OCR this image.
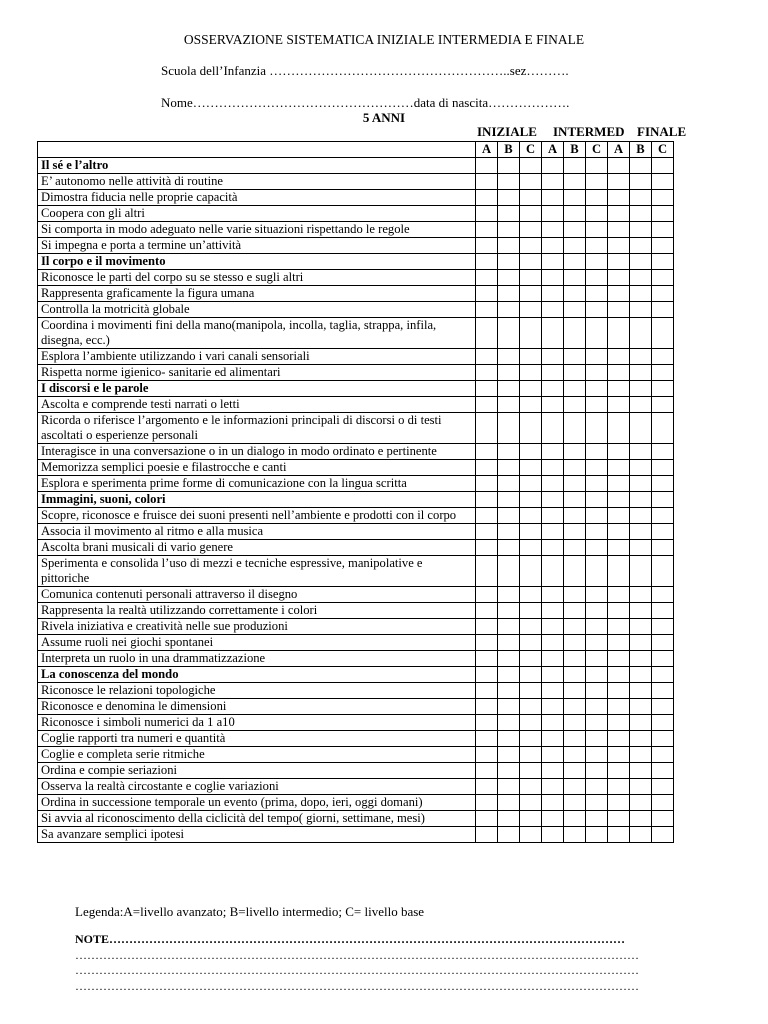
OSSERVAZIONE SISTEMATICA INIZIALE INTERMEDIA E FINALE
Scuola dell’Infanzia ………………………………………………..sez……….
Nome……………………………………………data di nascita……………….
5 ANNI
INIZIALE INTERMED FINALE
	A	B	C	A	B	C	A	B	C
Il sé e l’altro									
E’ autonomo nelle attività di routine									
Dimostra fiducia nelle proprie capacità									
Coopera con gli altri									
Si comporta in modo adeguato nelle varie situazioni rispettando le regole									
Si impegna e porta a termine un’attività									
Il corpo e il movimento									
Riconosce le parti del corpo su se stesso e sugli altri									
Rappresenta graficamente la figura umana									
Controlla la motricità globale									
Coordina i movimenti fini della mano(manipola, incolla, taglia, strappa, infila, disegna, ecc.)									
Esplora l’ambiente utilizzando i vari canali sensoriali									
Rispetta norme igienico- sanitarie ed alimentari									
I discorsi e le parole									
Ascolta e comprende testi narrati o letti									
Ricorda o riferisce l’argomento e le informazioni principali di discorsi o di testi ascoltati o esperienze personali									
Interagisce in una conversazione o in un dialogo in modo ordinato e pertinente									
Memorizza semplici poesie e filastrocche e canti									
Esplora e sperimenta prime forme di comunicazione con la lingua scritta									
Immagini, suoni, colori									
Scopre, riconosce e fruisce dei suoni presenti nell’ambiente e prodotti con il corpo									
Associa il movimento al ritmo e alla musica									
Ascolta brani musicali di vario genere									
Sperimenta e consolida l’uso di mezzi e tecniche espressive, manipolative e pittoriche									
Comunica contenuti personali attraverso il disegno									
Rappresenta la realtà utilizzando correttamente i colori									
Rivela iniziativa e creatività nelle sue produzioni									
Assume ruoli nei giochi spontanei									
Interpreta un ruolo in una drammatizzazione									
La conoscenza del mondo									
Riconosce le relazioni topologiche									
Riconosce e denomina le dimensioni									
Riconosce i simboli numerici da 1 a10									
Coglie rapporti tra numeri e quantità									
Coglie e completa serie ritmiche									
Ordina e compie seriazioni									
Osserva la realtà circostante e coglie variazioni									
Ordina in successione temporale un evento (prima, dopo, ieri, oggi domani)									
Si avvia al riconoscimento della ciclicità del tempo( giorni, settimane, mesi)									
Sa avanzare semplici ipotesi									
Legenda:A=livello avanzato; B=livello intermedio; C= livello base
NOTE…………………………………………………………………………………………………………………
……………………………………………………………………………………………………………………………
……………………………………………………………………………………………………………………………
……………………………………………………………………………………………………………………………
